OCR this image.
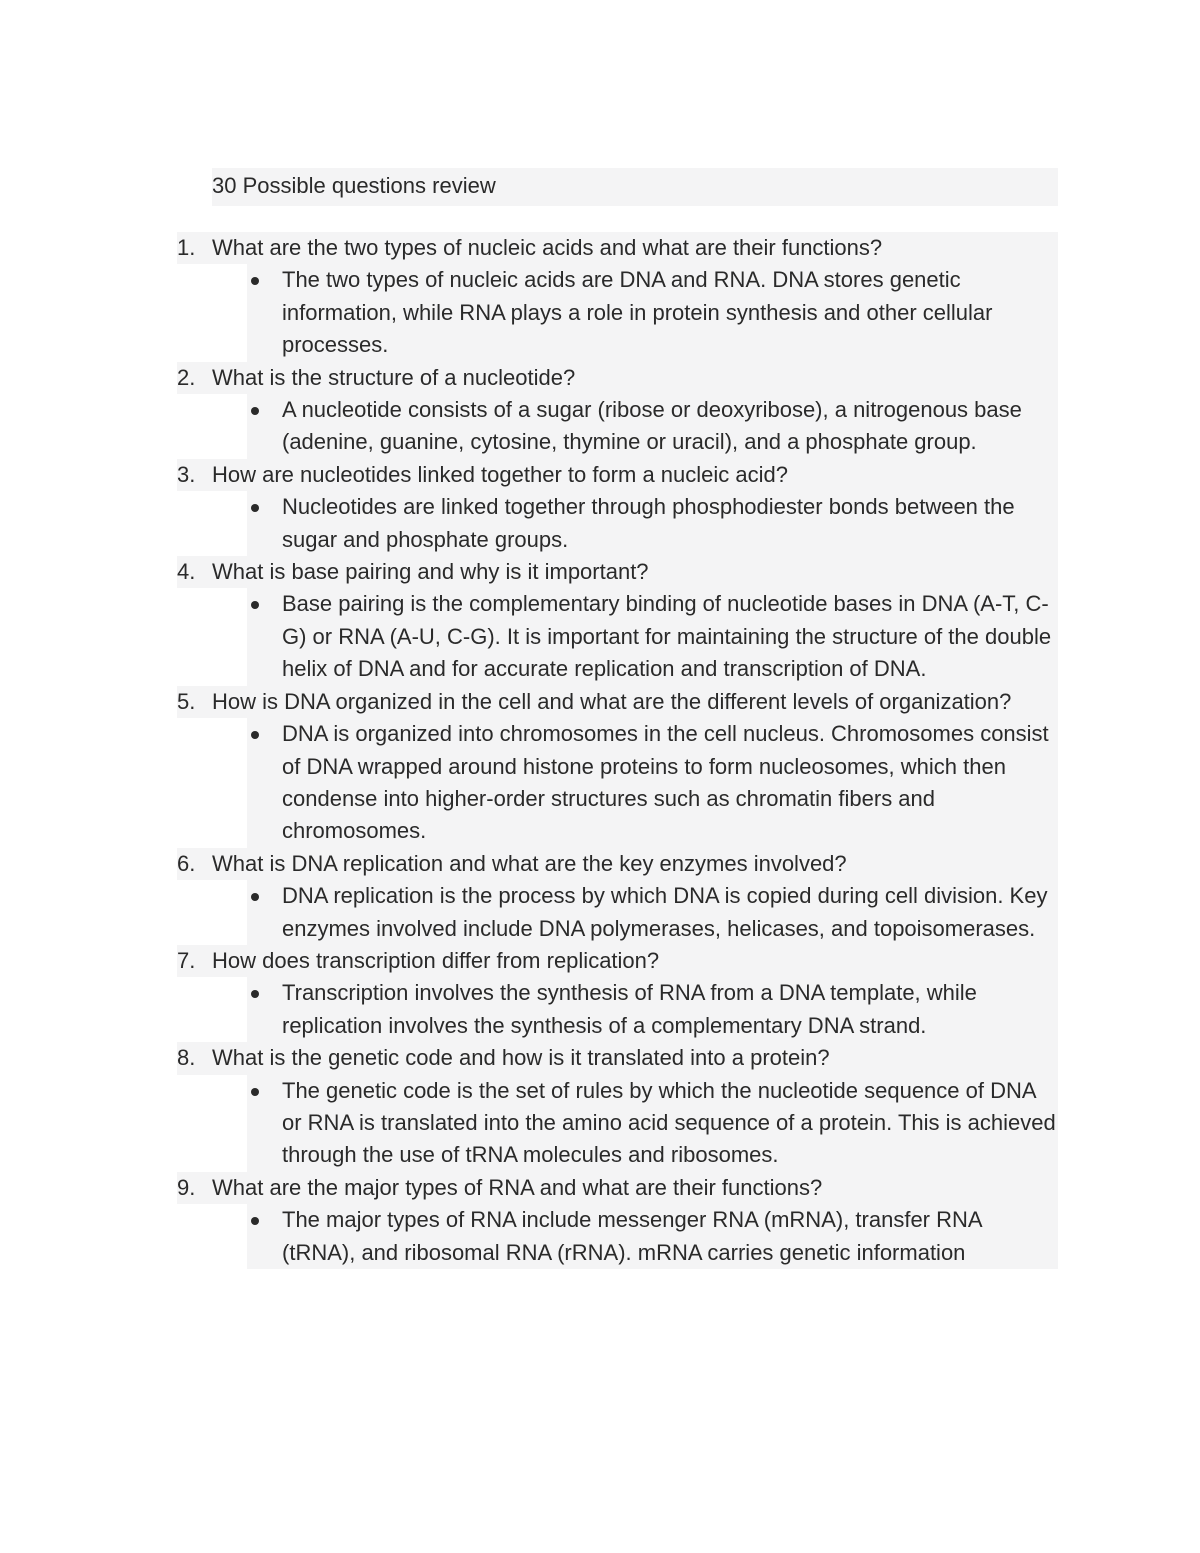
30 Possible questions review
1. What are the two types of nucleic acids and what are their functions?
The two types of nucleic acids are DNA and RNA. DNA stores genetic information, while RNA plays a role in protein synthesis and other cellular processes.
2. What is the structure of a nucleotide?
A nucleotide consists of a sugar (ribose or deoxyribose), a nitrogenous base (adenine, guanine, cytosine, thymine or uracil), and a phosphate group.
3. How are nucleotides linked together to form a nucleic acid?
Nucleotides are linked together through phosphodiester bonds between the sugar and phosphate groups.
4. What is base pairing and why is it important?
Base pairing is the complementary binding of nucleotide bases in DNA (A-T, C-G) or RNA (A-U, C-G). It is important for maintaining the structure of the double helix of DNA and for accurate replication and transcription of DNA.
5. How is DNA organized in the cell and what are the different levels of organization?
DNA is organized into chromosomes in the cell nucleus. Chromosomes consist of DNA wrapped around histone proteins to form nucleosomes, which then condense into higher-order structures such as chromatin fibers and chromosomes.
6. What is DNA replication and what are the key enzymes involved?
DNA replication is the process by which DNA is copied during cell division. Key enzymes involved include DNA polymerases, helicases, and topoisomerases.
7. How does transcription differ from replication?
Transcription involves the synthesis of RNA from a DNA template, while replication involves the synthesis of a complementary DNA strand.
8. What is the genetic code and how is it translated into a protein?
The genetic code is the set of rules by which the nucleotide sequence of DNA or RNA is translated into the amino acid sequence of a protein. This is achieved through the use of tRNA molecules and ribosomes.
9. What are the major types of RNA and what are their functions?
The major types of RNA include messenger RNA (mRNA), transfer RNA (tRNA), and ribosomal RNA (rRNA). mRNA carries genetic information
